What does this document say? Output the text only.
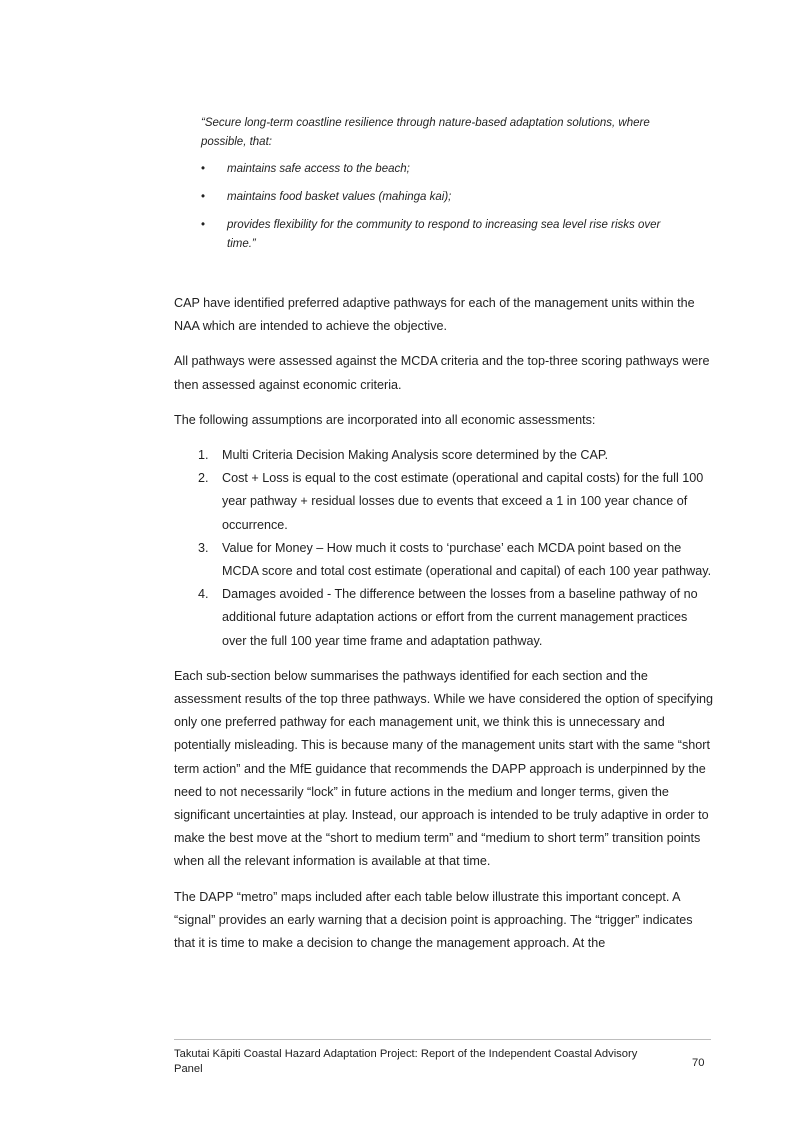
“Secure long-term coastline resilience through nature-based adaptation solutions, where possible, that:

• maintains safe access to the beach;
• maintains food basket values (mahinga kai);
• provides flexibility for the community to respond to increasing sea level rise risks over time.”

CAP have identified preferred adaptive pathways for each of the management units within the NAA which are intended to achieve the objective.

All pathways were assessed against the MCDA criteria and the top-three scoring pathways were then assessed against economic criteria.

The following assumptions are incorporated into all economic assessments:

1. Multi Criteria Decision Making Analysis score determined by the CAP.
2. Cost + Loss is equal to the cost estimate (operational and capital costs) for the full 100 year pathway + residual losses due to events that exceed a 1 in 100 year chance of occurrence.
3. Value for Money – How much it costs to ‘purchase’ each MCDA point based on the MCDA score and total cost estimate (operational and capital) of each 100 year pathway.
4. Damages avoided - The difference between the losses from a baseline pathway of no additional future adaptation actions or effort from the current management practices over the full 100 year time frame and adaptation pathway.

Each sub-section below summarises the pathways identified for each section and the assessment results of the top three pathways. While we have considered the option of specifying only one preferred pathway for each management unit, we think this is unnecessary and potentially misleading. This is because many of the management units start with the same “short term action” and the MfE guidance that recommends the DAPP approach is underpinned by the need to not necessarily “lock” in future actions in the medium and longer terms, given the significant uncertainties at play. Instead, our approach is intended to be truly adaptive in order to make the best move at the “short to medium term” and “medium to short term” transition points when all the relevant information is available at that time.

The DAPP “metro” maps included after each table below illustrate this important concept. A “signal” provides an early warning that a decision point is approaching. The “trigger” indicates that it is time to make a decision to change the management approach. At the

Takutai Kāpiti Coastal Hazard Adaptation Project: Report of the Independent Coastal Advisory Panel	70
